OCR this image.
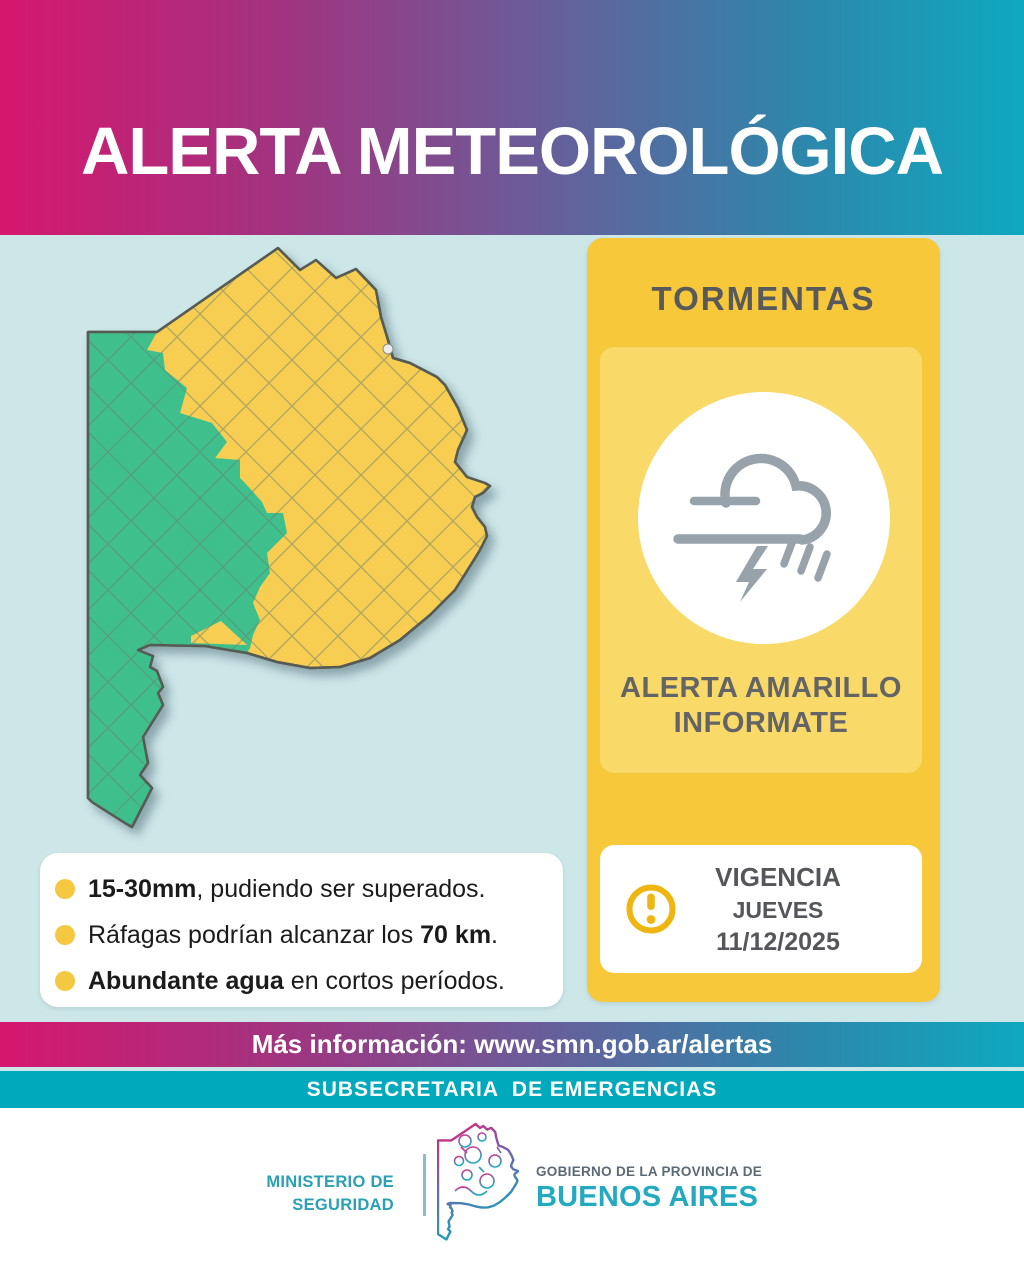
ALERTA METEOROLÓGICA
TORMENTAS
ALERTA AMARILLO
INFORMATE
VIGENCIA
JUEVES
11/12/2025
15-30mm, pudiendo ser superados.
Ráfagas podrían alcanzar los 70 km.
Abundante agua en cortos períodos.
Más información: www.smn.gob.ar/alertas
SUBSECRETARIA  DE EMERGENCIAS
MINISTERIO DE
SEGURIDAD
GOBIERNO DE LA PROVINCIA DE
BUENOS AIRES
